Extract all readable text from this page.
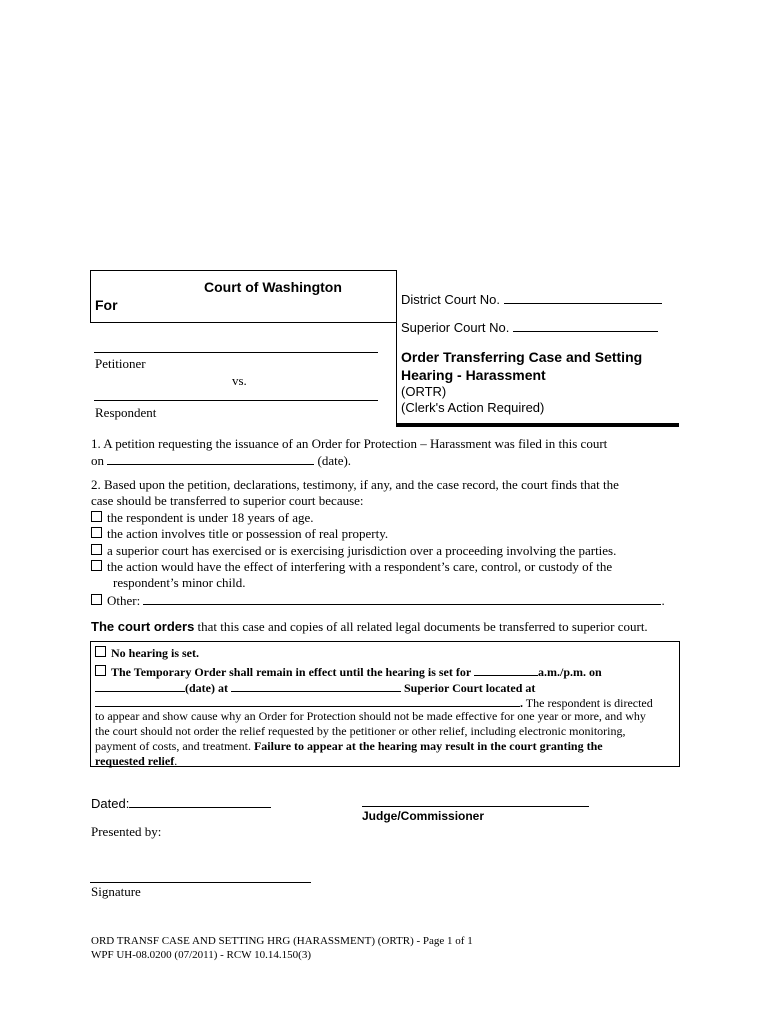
Court of Washington
For	District Court No.
Superior Court No.
Petitioner
vs.
Respondent
Order Transferring Case and Setting
Hearing - Harassment
(ORTR)
(Clerk's Action Required)
1. A petition requesting the issuance of an Order for Protection – Harassment was filed in this court
on	(date).
2. Based upon the petition, declarations, testimony, if any, and the case record, the court finds that the
case should be transferred to superior court because:
the respondent is under 18 years of age.
the action involves title or possession of real property.
a superior court has exercised or is exercising jurisdiction over a proceeding involving the parties.
the action would have the effect of interfering with a respondent’s care, control, or custody of the
respondent’s minor child.
Other:	.
The court orders that this case and copies of all related legal documents be transferred to superior court.
No hearing is set.
The Temporary Order shall remain in effect until the hearing is set for	a.m./p.m. on
(date) at	Superior Court located at
. The respondent is directed
to appear and show cause why an Order for Protection should not be made effective for one year or more, and why
the court should not order the relief requested by the petitioner or other relief, including electronic monitoring,
payment of costs, and treatment. Failure to appear at the hearing may result in the court granting the
requested relief.
Dated:
Judge/Commissioner
Presented by:
Signature
ORD TRANSF CASE AND SETTING HRG (HARASSMENT) (ORTR) - Page 1 of 1
WPF UH-08.0200 (07/2011) - RCW 10.14.150(3)
